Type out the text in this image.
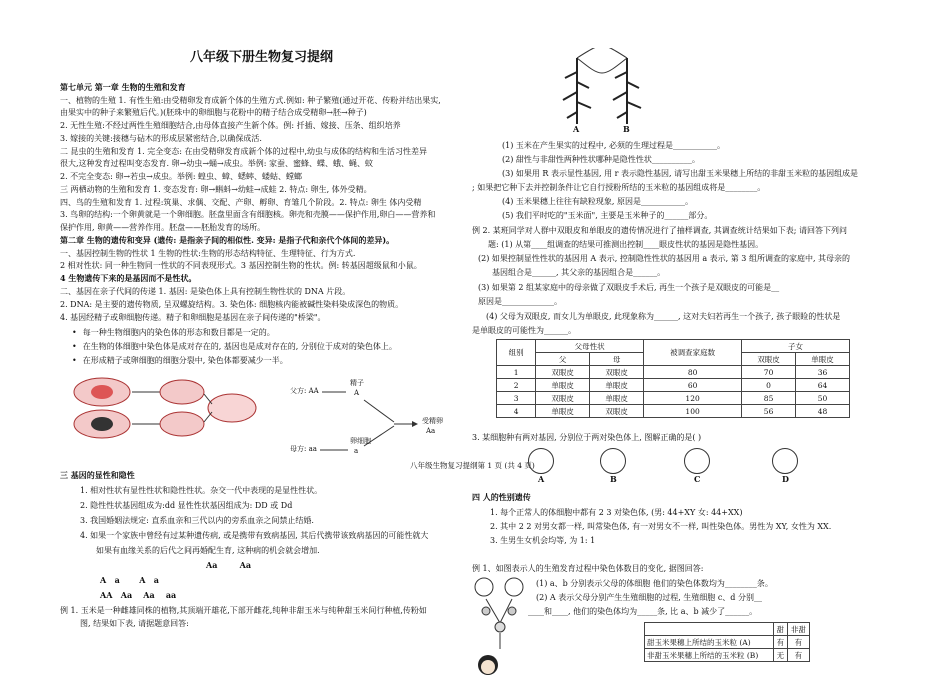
八年级下册生物复习提纲
第七单元 第一章 生物的生殖和发育
一、植物的生殖 1. 有性生殖:由受精卵发育成新个体的生殖方式.例如: 种子繁殖(通过开花、传粉并结出果实,
由果实中的种子来繁殖后代。)(胚珠中的卵细胞与花粉中的精子结合成受精卵→胚→种子)
2. 无性生殖:不经过两性生殖细胞结合,由母体直接产生新个体。例: 扦插、嫁接、压条、组织培养
3. 嫁接的关键:接穗与砧木的形成层紧密结合,以确保成活.
二 昆虫的生殖和发育 1. 完全变态: 在由受精卵发育成新个体的过程中,幼虫与成体的结构和生活习性差异
很大,这种发育过程叫变态发育. 卵→幼虫→蛹→成虫。举例: 家蚕、蜜蜂、蝶、蛾、蝇、蚊
2. 不完全变态: 卵→若虫→成虫。举例: 蝗虫、蟑、蟋蟀、蝼蛄、螳螂
三 两栖动物的生殖和发育 1. 变态发育: 卵→蝌蚪→幼蛙→成蛙 2. 特点: 卵生, 体外受精。
四、鸟的生殖和发育 1. 过程:筑巢、求偶、交配、产卵、孵卵、育雏几个阶段。2. 特点: 卵生 体内受精
3. 鸟卵的结构:一个卵黄就是一个卵细胞。胚盘里面含有细胞核。卵壳和壳膜——保护作用,卵白——营养和
保护作用, 卵黄——营养作用。胚盘——胚胎发育的场所。
第二章 生物的遗传和变异 (遗传: 是指亲子间的相似性. 变异: 是指子代和亲代个体间的差异)。
一、基因控制生物的性状 1 生物的性状:生物的形态结构特征、生理特征、行为方式.
2 相对性状: 同一种生物同一性状的不同表现形式。3 基因控制生物的性状。例: 转基因超级鼠和小鼠。
4 生物遗传下来的是基因而不是性状。
二、基因在亲子代间的传递 1. 基因: 是染色体上具有控制生物性状的 DNA 片段。
2. DNA: 是主要的遗传物质, 呈双螺旋结构。3. 染色体: 细胞核内能被碱性染料染成深色的物质。
4. 基因经精子或卵细胞传递。精子和卵细胞是基因在亲子间传递的"桥梁"。
• 每一种生物细胞内的染色体的形态和数目都是一定的。
• 在生物的体细胞中染色体是成对存在的, 基因也是成对存在的, 分别位于成对的染色体上。
• 在形成精子或卵细胞的细胞分裂中, 染色体都要减少一半。
父方: AA
母方: aa
精子
A
卵细胞
a
受精卵
Aa
三 基因的显性和隐性
1. 相对性状有显性性状和隐性性状。杂交一代中表现的是显性性状。
2. 隐性性状基因组成为:dd 显性性状基因组成为: DD 或 Dd
3. 我国婚姻法规定: 直系血亲和三代以内的旁系血亲之间禁止结婚.
4. 如果一个家族中曾经有过某种遗传病, 或是携带有致病基因, 其后代携带该致病基因的可能性就大
如果有血缘关系的后代之间再婚配生育, 这种病的机会就会增加.
Aa        Aa
A   a       A   a
AA   Aa    Aa    aa
例 1. 玉米是一种雌雄同株的植物,其顶端开雄花,下部开雌花,纯种非甜玉米与纯种甜玉米间行种植,传粉如
图, 结果如下表, 请据题意回答:
A	B
(1) 玉米在产生果实的过程中, 必须的生理过程是___________。
(2) 甜性与非甜性两种性状哪种是隐性性状__________。
(3) 如果用 R 表示显性基因, 用 r 表示隐性基因, 请写出甜玉米果穗上所结的非甜玉米粒的基因组成是
; 如果把它种下去并控制条件让它自行授粉所结的玉米粒的基因组成将是________。
(4) 玉米果穗上往往有缺粒现象, 原因是___________。
(5) 我们平时吃的"玉米面", 主要是玉米种子的______部分。
例 2. 某班同学对人群中双眼皮和单眼皮的遗传情况进行了抽样调查, 其调查统计结果如下表; 请回答下列问
题: (1) 从第____组调查的结果可推测出控制____眼皮性状的基因是隐性基因。
(2) 如果控制显性性状的基因用 A 表示, 控制隐性性状的基因用 a 表示, 第 3 组所调查的家庭中, 其母亲的
基因组合是______, 其父亲的基因组合是______。
(3) 如果第 2 组某家庭中的母亲做了双眼皮手术后, 再生一个孩子是双眼皮的可能是__
原因是_____________。
(4) 父母为双眼皮, 而女儿为单眼皮, 此现象称为______, 这对夫妇若再生一个孩子, 孩子眼睑的性状是
是单眼皮的可能性为______。
组别	父母性状		被调查家庭数	子女	
	父	母		双眼皮	单眼皮
1	双眼皮	双眼皮	80	70	36
2	单眼皮	单眼皮	60	0	64
3	双眼皮	单眼皮	120	85	50
4	单眼皮	双眼皮	100	56	48
3. 某细胞种有两对基因, 分别位于两对染色体上, 图解正确的是( )
八年级生物复习提纲第 1 页 (共 4 页)
A	B	C	D
四 人的性别遗传
1. 每个正常人的体细胞中都有 2 3 对染色体, (男: 44+XY 女: 44+XX)
2. 其中 2 2 对男女都一样, 叫常染色体, 有一对男女不一样, 叫性染色体。男性为 XY, 女性为 XX.
3. 生男生女机会均等, 为 1: 1
例 1、如图表示人的生殖发育过程中染色体数目的变化, 据图回答:
(1) a、b 分别表示父母的体细胞 他们的染色体数均为________条。
(2) A 表示父母分别产生生殖细胞的过程, 生殖细胞 c、d 分别__
____和____, 他们的染色体均为_____条, 比 a、b 减少了______。
	甜	非甜
甜玉米果穗上所结的玉米粒 (A)	有	有
非甜玉米果穗上所结的玉米粒 (B)	无	有
